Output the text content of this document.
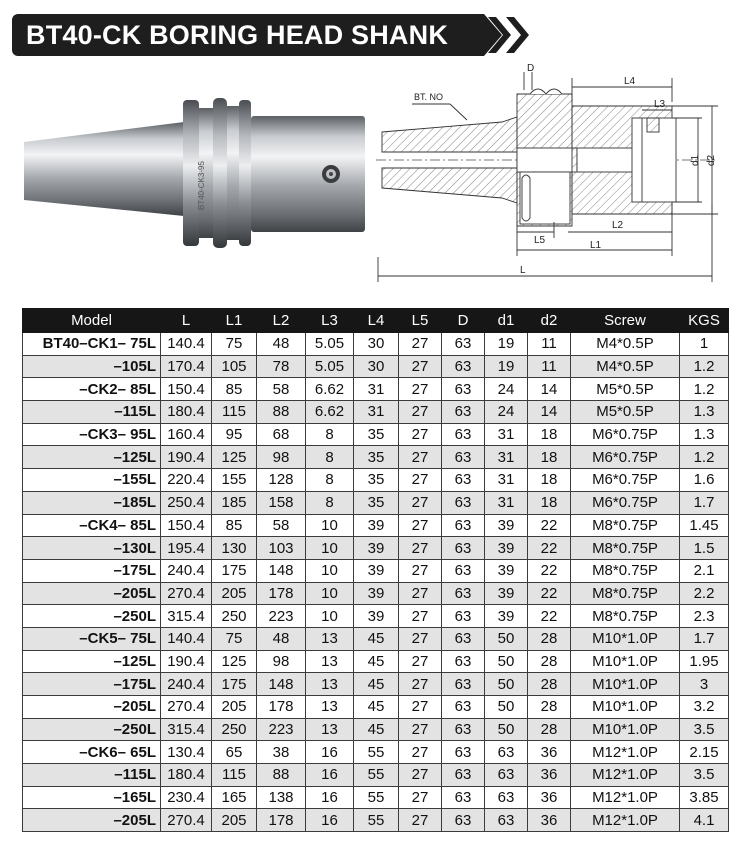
BT40-CK BORING HEAD SHANK
BT40-CK3-95
BT. NO
D
L4
L3
d1 d2
L2
L5	L1
L
Model	L	L1	L2	L3	L4	L5	D	d1	d2	Screw	KGS
BT40–CK1– 75L	140.4	75	48	5.05	30	27	63	19	11	M4*0.5P	1
–105L	170.4	105	78	5.05	30	27	63	19	11	M4*0.5P	1.2
–CK2– 85L	150.4	85	58	6.62	31	27	63	24	14	M5*0.5P	1.2
–115L	180.4	115	88	6.62	31	27	63	24	14	M5*0.5P	1.3
–CK3– 95L	160.4	95	68	8	35	27	63	31	18	M6*0.75P	1.3
–125L	190.4	125	98	8	35	27	63	31	18	M6*0.75P	1.2
–155L	220.4	155	128	8	35	27	63	31	18	M6*0.75P	1.6
–185L	250.4	185	158	8	35	27	63	31	18	M6*0.75P	1.7
–CK4– 85L	150.4	85	58	10	39	27	63	39	22	M8*0.75P	1.45
–130L	195.4	130	103	10	39	27	63	39	22	M8*0.75P	1.5
–175L	240.4	175	148	10	39	27	63	39	22	M8*0.75P	2.1
–205L	270.4	205	178	10	39	27	63	39	22	M8*0.75P	2.2
–250L	315.4	250	223	10	39	27	63	39	22	M8*0.75P	2.3
–CK5– 75L	140.4	75	48	13	45	27	63	50	28	M10*1.0P	1.7
–125L	190.4	125	98	13	45	27	63	50	28	M10*1.0P	1.95
–175L	240.4	175	148	13	45	27	63	50	28	M10*1.0P	3
–205L	270.4	205	178	13	45	27	63	50	28	M10*1.0P	3.2
–250L	315.4	250	223	13	45	27	63	50	28	M10*1.0P	3.5
–CK6– 65L	130.4	65	38	16	55	27	63	63	36	M12*1.0P	2.15
–115L	180.4	115	88	16	55	27	63	63	36	M12*1.0P	3.5
–165L	230.4	165	138	16	55	27	63	63	36	M12*1.0P	3.85
–205L	270.4	205	178	16	55	27	63	63	36	M12*1.0P	4.1
